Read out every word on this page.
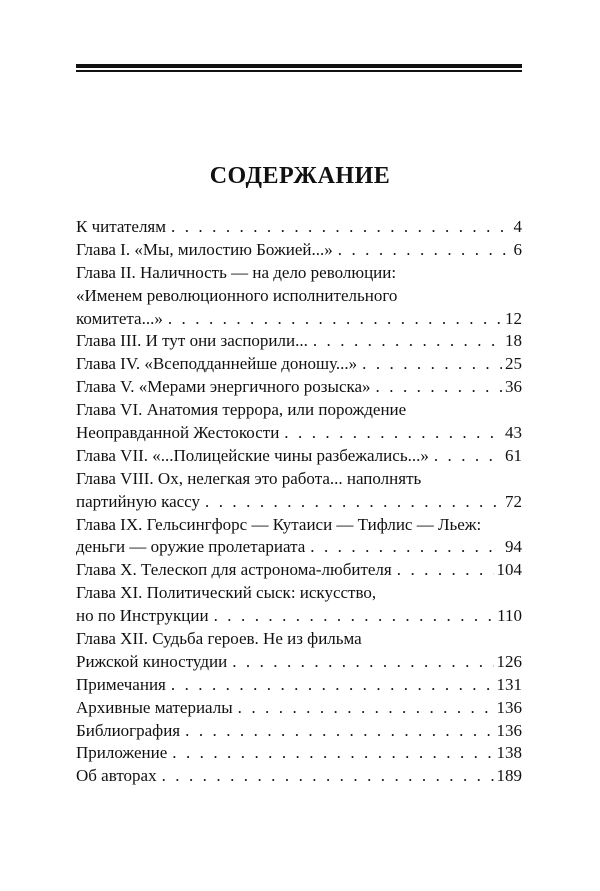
СОДЕРЖАНИЕ
К читателям . . .	4
Глава I. «Мы, милостию Божией...» . . .	6
Глава II. Наличность — на дело революции:
«Именем революционного исполнительного
комитета...» . . .	12
Глава III. И тут они заспорили... . . .	18
Глава IV. «Всеподданнейше доношу...» . . .	25
Глава V. «Мерами энергичного розыска» . . .	36
Глава VI. Анатомия террора, или порождение
Неоправданной Жестокости . . .	43
Глава VII. «...Полицейские чины разбежались...» . . .	61
Глава VIII. Ох, нелегкая это работа... наполнять
партийную кассу . . .	72
Глава IX. Гельсингфорс — Кутаиси — Тифлис — Льеж:
деньги — оружие пролетариата . . .	94
Глава X. Телескоп для астронома-любителя . . .	104
Глава XI. Политический сыск: искусство,
но по Инструкции . . .	110
Глава XII. Судьба героев. Не из фильма
Рижской киностудии . . .	126
Примечания . . .	131
Архивные материалы . . .	136
Библиография . . .	136
Приложение . . .	138
Об авторах . . .	189
